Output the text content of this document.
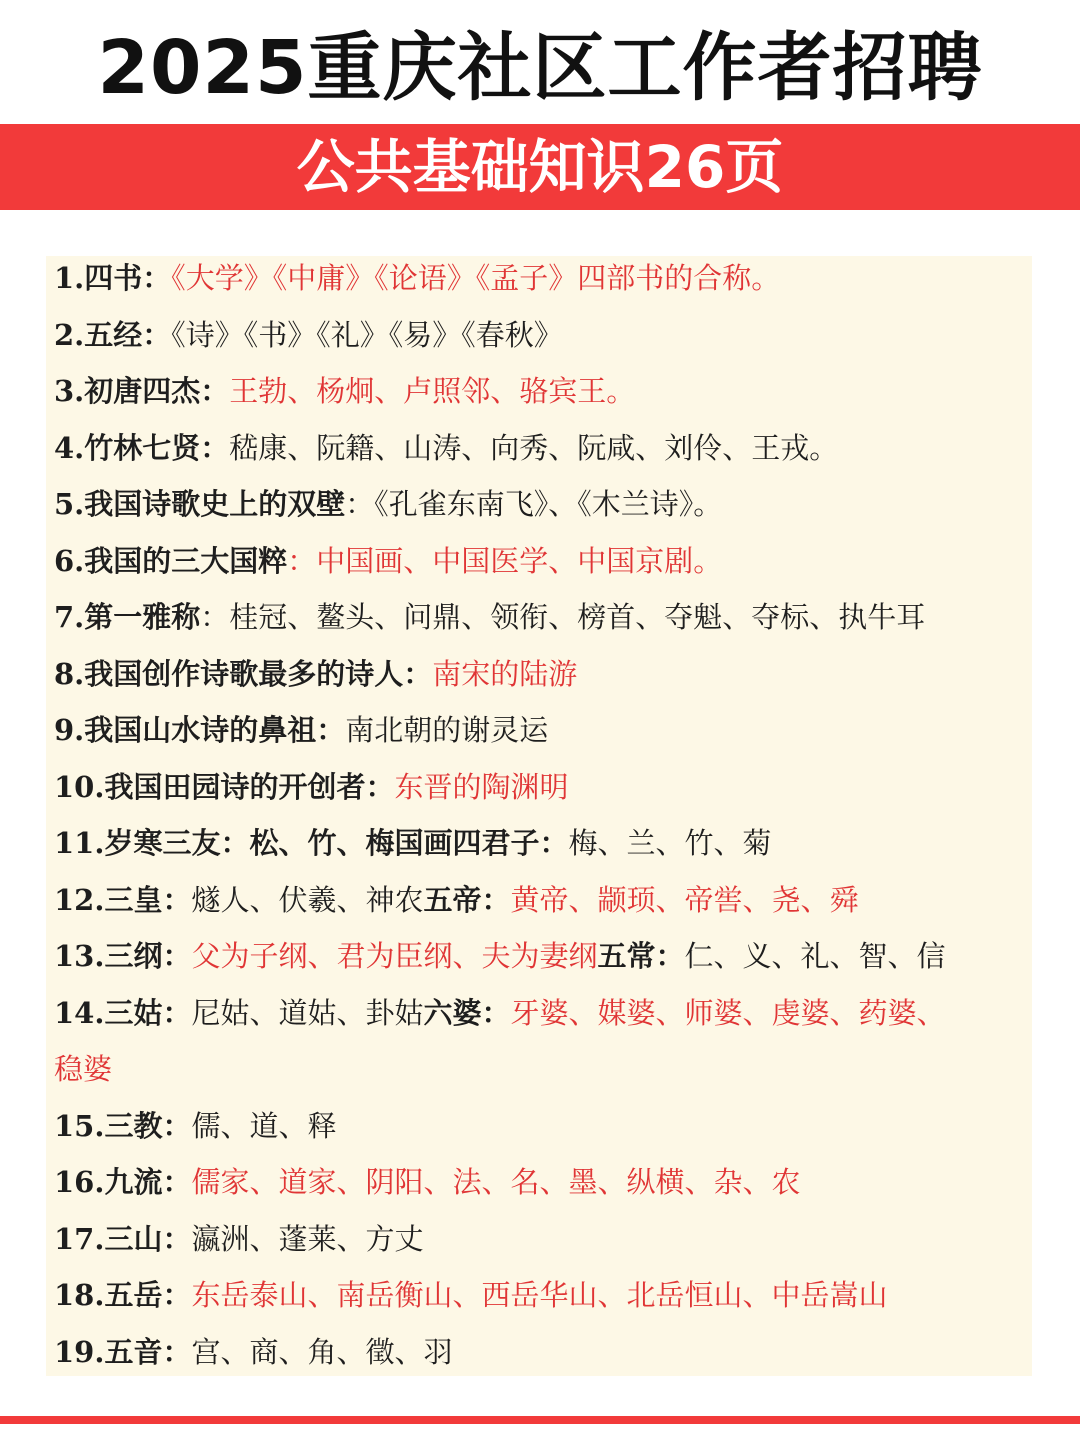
2025重庆社区工作者招聘
公共基础知识26页
1.四书：《大学》《中庸》《论语》《孟子》四部书的合称。
2.五经：《诗》《书》《礼》《易》《春秋》
3.初唐四杰：王勃、杨炯、卢照邻、骆宾王。
4.竹林七贤：嵇康、阮籍、山涛、向秀、阮咸、刘伶、王戎。
5.我国诗歌史上的双壁：《孔雀东南飞》、《木兰诗》。
6.我国的三大国粹：中国画、中国医学、中国京剧。
7.第一雅称：桂冠、鳌头、问鼎、领衔、榜首、夺魁、夺标、执牛耳
8.我国创作诗歌最多的诗人：南宋的陆游
9.我国山水诗的鼻祖：南北朝的谢灵运
10.我国田园诗的开创者：东晋的陶渊明
11.岁寒三友：松、竹、梅国画四君子：梅、兰、竹、菊
12.三皇：燧人、伏羲、神农五帝：黄帝、颛顼、帝喾、尧、舜
13.三纲：父为子纲、君为臣纲、夫为妻纲五常：仁、义、礼、智、信
14.三姑：尼姑、道姑、卦姑六婆：牙婆、媒婆、师婆、虔婆、药婆、
稳婆
15.三教：儒、道、释
16.九流：儒家、道家、阴阳、法、名、墨、纵横、杂、农
17.三山：瀛洲、蓬莱、方丈
18.五岳：东岳泰山、南岳衡山、西岳华山、北岳恒山、中岳嵩山
19.五音：宫、商、角、徵、羽
